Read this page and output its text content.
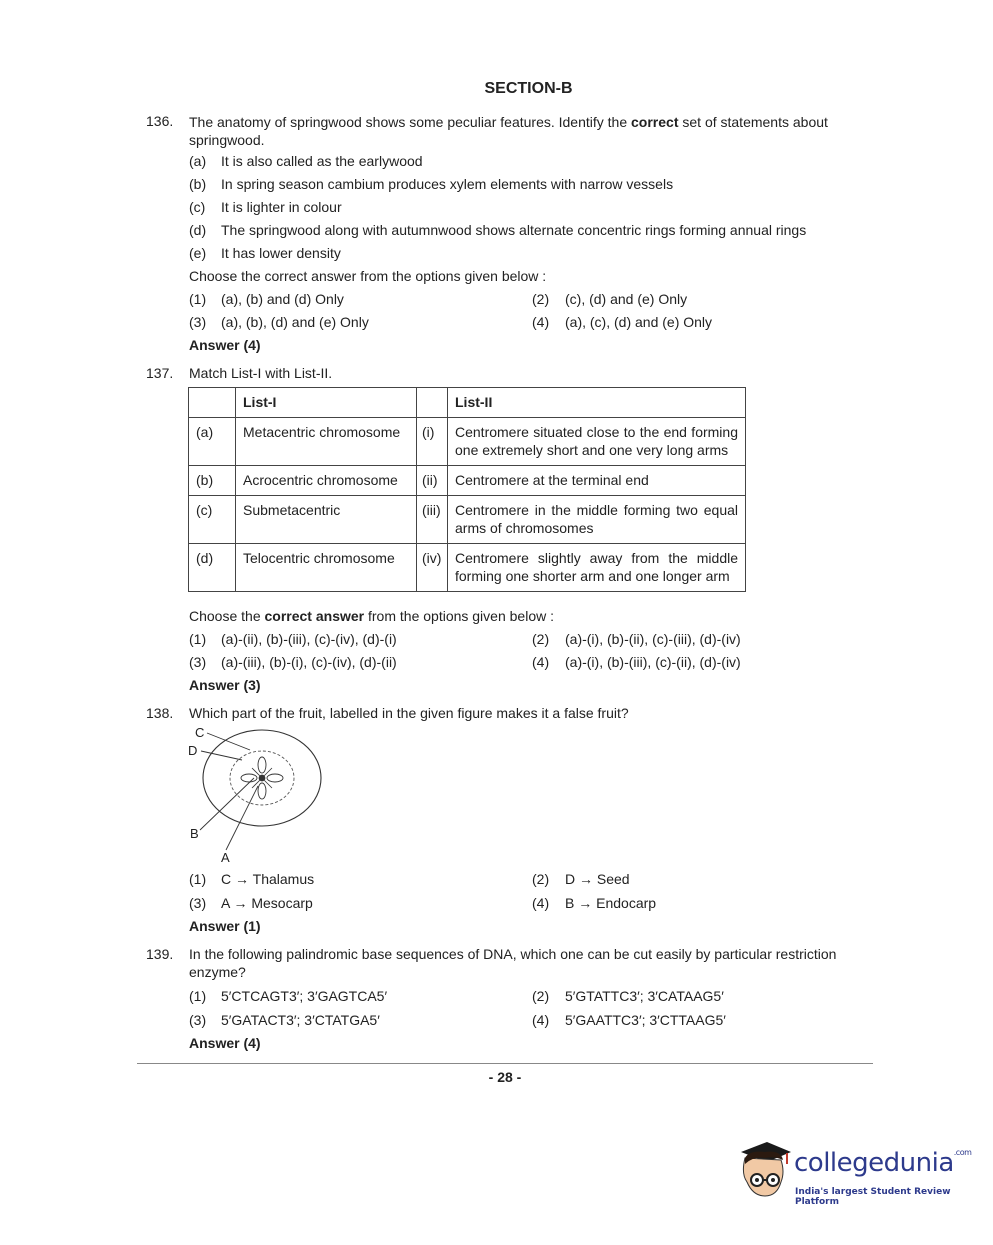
SECTION-B
136. The anatomy of springwood shows some peculiar features. Identify the correct set of statements about
springwood.
(a) It is also called as the earlywood
(b) In spring season cambium produces xylem elements with narrow vessels
(c) It is lighter in colour
(d) The springwood along with autumnwood shows alternate concentric rings forming annual rings
(e) It has lower density
Choose the correct answer from the options given below :
(1) (a), (b) and (d) Only	(2) (c), (d) and (e) Only
(3) (a), (b), (d) and (e) Only	(4) (a), (c), (d) and (e) Only
Answer (4)
137. Match List-I with List-II.
	List-I		List-II
(a)	Metacentric chromosome	(i)	Centromere situated close to the end forming one extremely short and one very long arms
(b)	Acrocentric chromosome	(ii)	Centromere at the terminal end
(c)	Submetacentric	(iii)	Centromere in the middle forming two equal arms of chromosomes
(d)	Telocentric chromosome	(iv)	Centromere slightly away from the middle forming one shorter arm and one longer arm
Choose the correct answer from the options given below :
(1) (a)-(ii), (b)-(iii), (c)-(iv), (d)-(i)	(2) (a)-(i), (b)-(ii), (c)-(iii), (d)-(iv)
(3) (a)-(iii), (b)-(i), (c)-(iv), (d)-(ii)	(4) (a)-(i), (b)-(iii), (c)-(ii), (d)-(iv)
Answer (3)
138. Which part of the fruit, labelled in the given figure makes it a false fruit?
C
D
B
A
(1) C → Thalamus	(2) D → Seed
(3) A → Mesocarp	(4) B → Endocarp
Answer (1)
139. In the following palindromic base sequences of DNA, which one can be cut easily by particular restriction
enzyme?
(1) 5′CTCAGT3′; 3′GAGTCA5′	(2) 5′GTATTC3′; 3′CATAAG5′
(3) 5′GATACT3′; 3′CTATGA5′	(4) 5′GAATTC3′; 3′CTTAAG5′
Answer (4)
- 28 -
collegedunia$^{.com}$
India's largest Student Review Platform
